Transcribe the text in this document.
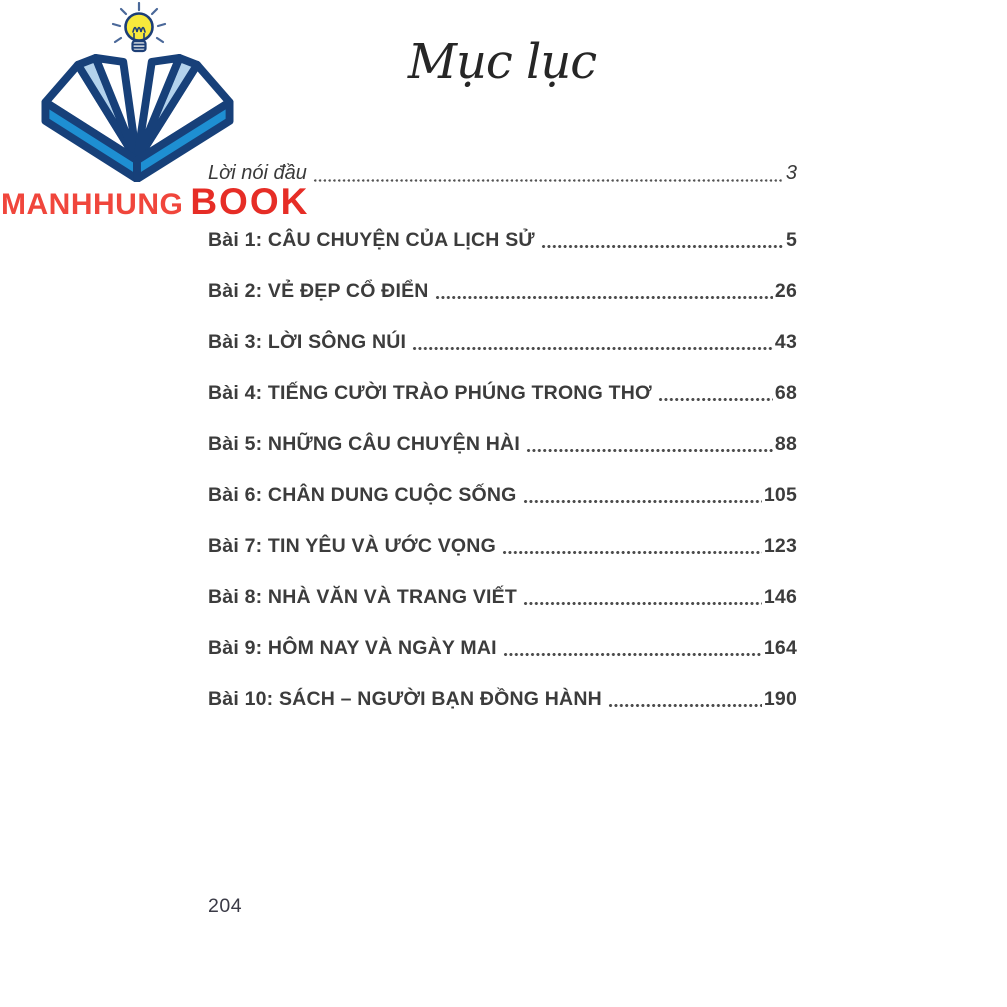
MANHHUNG BOOK
Mục lục
Lời nói đầu	3
Bài 1: CÂU CHUYỆN CỦA LỊCH SỬ	5
Bài 2: VẺ ĐẸP CỔ ĐIỂN	26
Bài 3: LỜI SÔNG NÚI	43
Bài 4: TIẾNG CƯỜI TRÀO PHÚNG TRONG THƠ	68
Bài 5: NHỮNG CÂU CHUYỆN HÀI	88
Bài 6: CHÂN DUNG CUỘC SỐNG	105
Bài 7: TIN YÊU VÀ ƯỚC VỌNG	123
Bài 8: NHÀ VĂN VÀ TRANG VIẾT	146
Bài 9: HÔM NAY VÀ NGÀY MAI	164
Bài 10: SÁCH – NGƯỜI BẠN ĐỒNG HÀNH	190
204
